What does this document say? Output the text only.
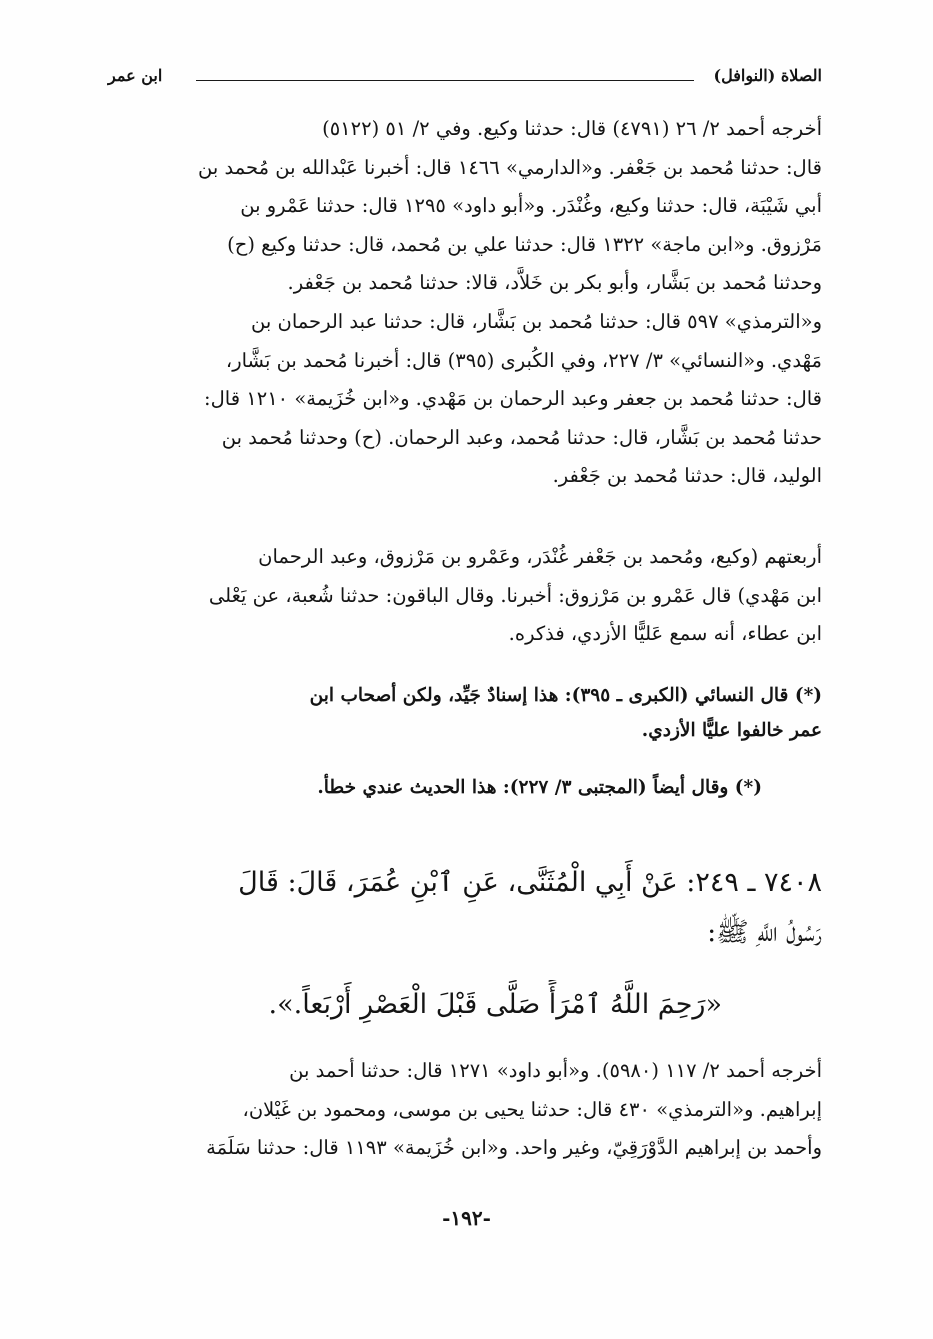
الصلاة (النوافل)
ابن عمر
أخرجه أحمد ٢/ ٢٦ (٤٧٩١) قال: حدثنا وكيع. وفي ٢/ ٥١ (٥١٢٢)
قال: حدثنا مُحمد بن جَعْفر. و«الدارمي» ١٤٦٦ قال: أخبرنا عَبْدالله بن مُحمد بن
أبي شَيْبَة، قال: حدثنا وكيع، وغُنْدَر. و«أبو داود» ١٢٩٥ قال: حدثنا عَمْرو بن
مَرْزوق. و«ابن ماجة» ١٣٢٢ قال: حدثنا علي بن مُحمد، قال: حدثنا وكيع (ح)
وحدثنا مُحمد بن بَشَّار، وأبو بكر بن خَلاَّد، قالا: حدثنا مُحمد بن جَعْفر.
و«الترمذي» ٥٩٧ قال: حدثنا مُحمد بن بَشَّار، قال: حدثنا عبد الرحمان بن
مَهْدي. و«النسائي» ٣/ ٢٢٧، وفي الكُبرى (٣٩٥) قال: أخبرنا مُحمد بن بَشَّار،
قال: حدثنا مُحمد بن جعفر وعبد الرحمان بن مَهْدي. و«ابن خُزَيمة» ١٢١٠ قال:
حدثنا مُحمد بن بَشَّار، قال: حدثنا مُحمد، وعبد الرحمان. (ح) وحدثنا مُحمد بن
الوليد، قال: حدثنا مُحمد بن جَعْفر.
أربعتهم (وكيع، ومُحمد بن جَعْفر غُنْدَر، وعَمْرو بن مَرْزوق، وعبد الرحمان
ابن مَهْدي) قال عَمْرو بن مَرْزوق: أخبرنا. وقال الباقون: حدثنا شُعبة، عن يَعْلى
ابن عطاء، أنه سمع عَليًّا الأزدي، فذكره.
(*) قال النسائي (الكبرى ـ ٣٩٥): هذا إسنادٌ جَيِّد، ولكن أصحاب ابن
عمر خالفوا عليًّا الأزدي.
(*) وقال أيضاً (المجتبى ٣/ ٢٢٧): هذا الحديث عندي خطأ.
٧٤٠٨ ـ ٢٤٩: عَنْ أَبِي الْمُثَنَّى، عَنِ ٱبْنِ عُمَرَ، قَالَ: قَالَ
رَسُولُ اللَّهِ ﷺ:
«رَحِمَ اللَّهُ ٱمْرَأً صَلَّى قَبْلَ الْعَصْرِ أَرْبَعاً.».
أخرجه أحمد ٢/ ١١٧ (٥٩٨٠). و«أبو داود» ١٢٧١ قال: حدثنا أحمد بن
إبراهيم. و«الترمذي» ٤٣٠ قال: حدثنا يحيى بن موسى، ومحمود بن غَيْلان،
وأحمد بن إبراهيم الدَّوْرَقِيّ، وغير واحد. و«ابن خُزَيمة» ١١٩٣ قال: حدثنا سَلَمَة
-١٩٢-
